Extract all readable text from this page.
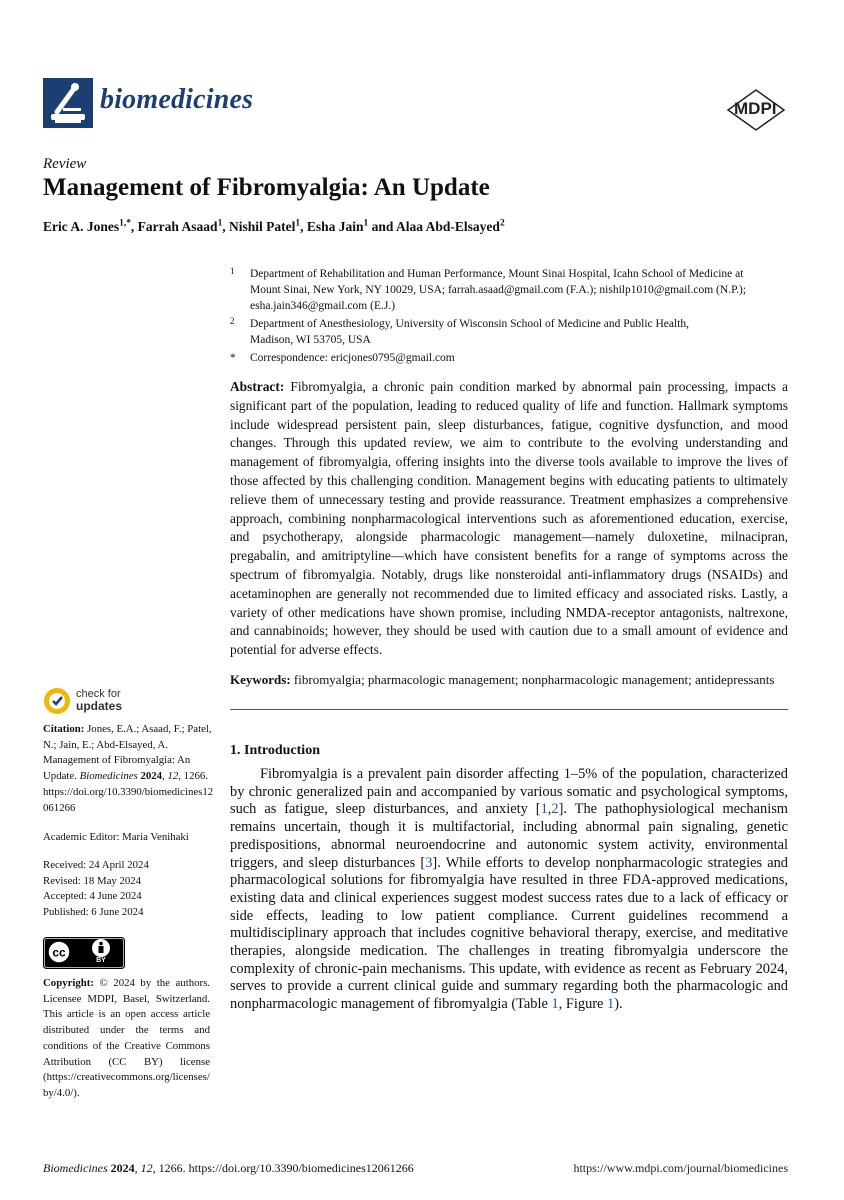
biomedicines	MDPI
Review
Management of Fibromyalgia: An Update
Eric A. Jones$^{1,*}$, Farrah Asaad$^1$, Nishil Patel$^1$, Esha Jain$^1$ and Alaa Abd-Elsayed$^2$
1 Department of Rehabilitation and Human Performance, Mount Sinai Hospital, Icahn School of Medicine at
Mount Sinai, New York, NY 10029, USA; farrah.asaad@gmail.com (F.A.); nishilp1010@gmail.com (N.P.);
esha.jain346@gmail.com (E.J.)
2 Department of Anesthesiology, University of Wisconsin School of Medicine and Public Health,
Madison, WI 53705, USA
* Correspondence: ericjones0795@gmail.com
Abstract: Fibromyalgia, a chronic pain condition marked by abnormal pain processing, impacts a significant part of the population, leading to reduced quality of life and function. Hallmark symptoms include widespread persistent pain, sleep disturbances, fatigue, cognitive dysfunction, and mood changes. Through this updated review, we aim to contribute to the evolving understanding and management of fibromyalgia, offering insights into the diverse tools available to improve the lives of those affected by this challenging condition. Management begins with educating patients to ultimately relieve them of unnecessary testing and provide reassurance. Treatment emphasizes a comprehensive approach, combining nonpharmacological interventions such as aforementioned education, exercise, and psychotherapy, alongside pharmacologic management—namely duloxetine, milnacipran, pregabalin, and amitriptyline—which have consistent benefits for a range of symptoms across the spectrum of fibromyalgia. Notably, drugs like nonsteroidal anti-inflammatory drugs (NSAIDs) and acetaminophen are generally not recommended due to limited efficacy and associated risks. Lastly, a variety of other medications have shown promise, including NMDA-receptor antagonists, naltrexone, and cannabinoids; however, they should be used with caution due to a small amount of evidence and potential for adverse effects.
Keywords: fibromyalgia; pharmacologic management; nonpharmacologic management; antidepressants
check for
updates
Citation: Jones, E.A.; Asaad, F.; Patel, N.; Jain, E.; Abd-Elsayed, A. Management of Fibromyalgia: An Update. Biomedicines 2024, 12, 1266. https://doi.org/10.3390/biomedicines12061266
Academic Editor: Maria Venihaki
Received: 24 April 2024
Revised: 18 May 2024
Accepted: 4 June 2024
Published: 6 June 2024
cc
BY
Copyright: © 2024 by the authors. Licensee MDPI, Basel, Switzerland. This article is an open access article distributed under the terms and conditions of the Creative Commons Attribution (CC BY) license (https://creativecommons.org/licenses/by/4.0/).
1. Introduction
Fibromyalgia is a prevalent pain disorder affecting 1–5% of the population, characterized by chronic generalized pain and accompanied by various somatic and psychological symptoms, such as fatigue, sleep disturbances, and anxiety [1,2]. The pathophysiological mechanism remains uncertain, though it is multifactorial, including abnormal pain signaling, genetic predispositions, abnormal neuroendocrine and autonomic system activity, environmental triggers, and sleep disturbances [3]. While efforts to develop nonpharmacologic strategies and pharmacological solutions for fibromyalgia have resulted in three FDA-approved medications, existing data and clinical experiences suggest modest success rates due to a lack of efficacy or side effects, leading to low patient compliance. Current guidelines recommend a multidisciplinary approach that includes cognitive behavioral therapy, exercise, and meditative therapies, alongside medication. The challenges in treating fibromyalgia underscore the complexity of chronic-pain mechanisms. This update, with evidence as recent as February 2024, serves to provide a current clinical guide and summary regarding both the pharmacologic and nonpharmacologic management of fibromyalgia (Table 1, Figure 1).
Biomedicines 2024, 12, 1266. https://doi.org/10.3390/biomedicines12061266	https://www.mdpi.com/journal/biomedicines
